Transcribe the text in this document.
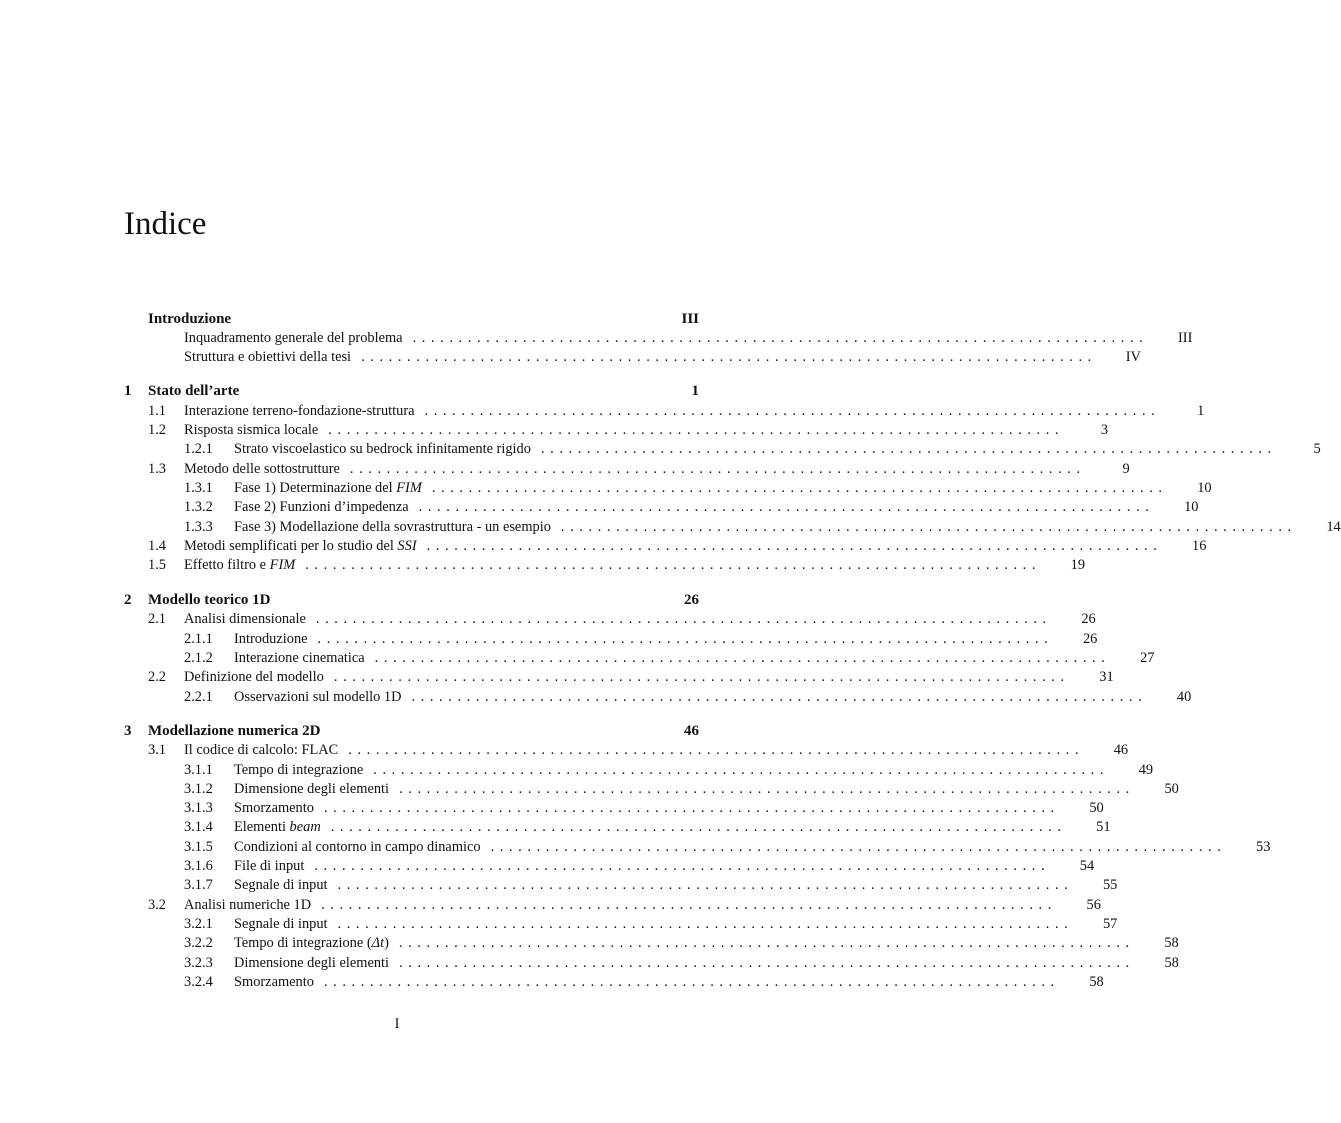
Indice
Introduzione	III
Inquadramento generale del problema ................................................................................	III
Struttura e obiettivi della tesi ................................................................................	IV
1	Stato dell’arte	1
1.1	Interazione terreno-fondazione-struttura ................................................................................	1
1.2	Risposta sismica locale ................................................................................	3
1.2.1	Strato viscoelastico su bedrock infinitamente rigido ................................................................................	5
1.3	Metodo delle sottostrutture ................................................................................	9
1.3.1	Fase 1) Determinazione del FIM ................................................................................	10
1.3.2	Fase 2) Funzioni d’impedenza ................................................................................	10
1.3.3	Fase 3) Modellazione della sovrastruttura - un esempio ................................................................................	14
1.4	Metodi semplificati per lo studio del SSI ................................................................................	16
1.5	Effetto filtro e FIM ................................................................................	19
2	Modello teorico 1D	26
2.1	Analisi dimensionale ................................................................................	26
2.1.1	Introduzione ................................................................................	26
2.1.2	Interazione cinematica ................................................................................	27
2.2	Definizione del modello ................................................................................	31
2.2.1	Osservazioni sul modello 1D ................................................................................	40
3	Modellazione numerica 2D	46
3.1	Il codice di calcolo: FLAC ................................................................................	46
3.1.1	Tempo di integrazione ................................................................................	49
3.1.2	Dimensione degli elementi ................................................................................	50
3.1.3	Smorzamento ................................................................................	50
3.1.4	Elementi beam ................................................................................	51
3.1.5	Condizioni al contorno in campo dinamico ................................................................................	53
3.1.6	File di input ................................................................................	54
3.1.7	Segnale di input ................................................................................	55
3.2	Analisi numeriche 1D ................................................................................	56
3.2.1	Segnale di input ................................................................................	57
3.2.2	Tempo di integrazione (Δt) ................................................................................	58
3.2.3	Dimensione degli elementi ................................................................................	58
3.2.4	Smorzamento ................................................................................	58
I
